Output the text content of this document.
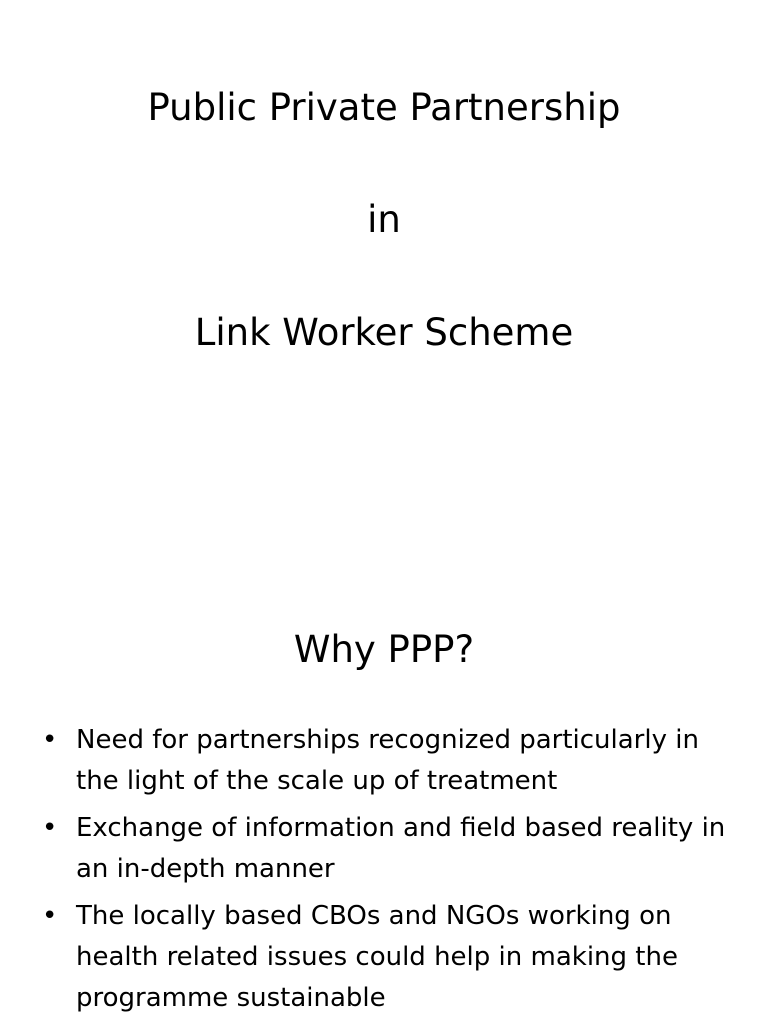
Public Private Partnership
in
Link Worker Scheme
Why PPP?
• Need for partnerships recognized particularly in the light of the scale up of treatment
• Exchange of information and field based reality in an in-depth manner
• The locally based CBOs and NGOs working on health related issues could help in making the programme sustainable
